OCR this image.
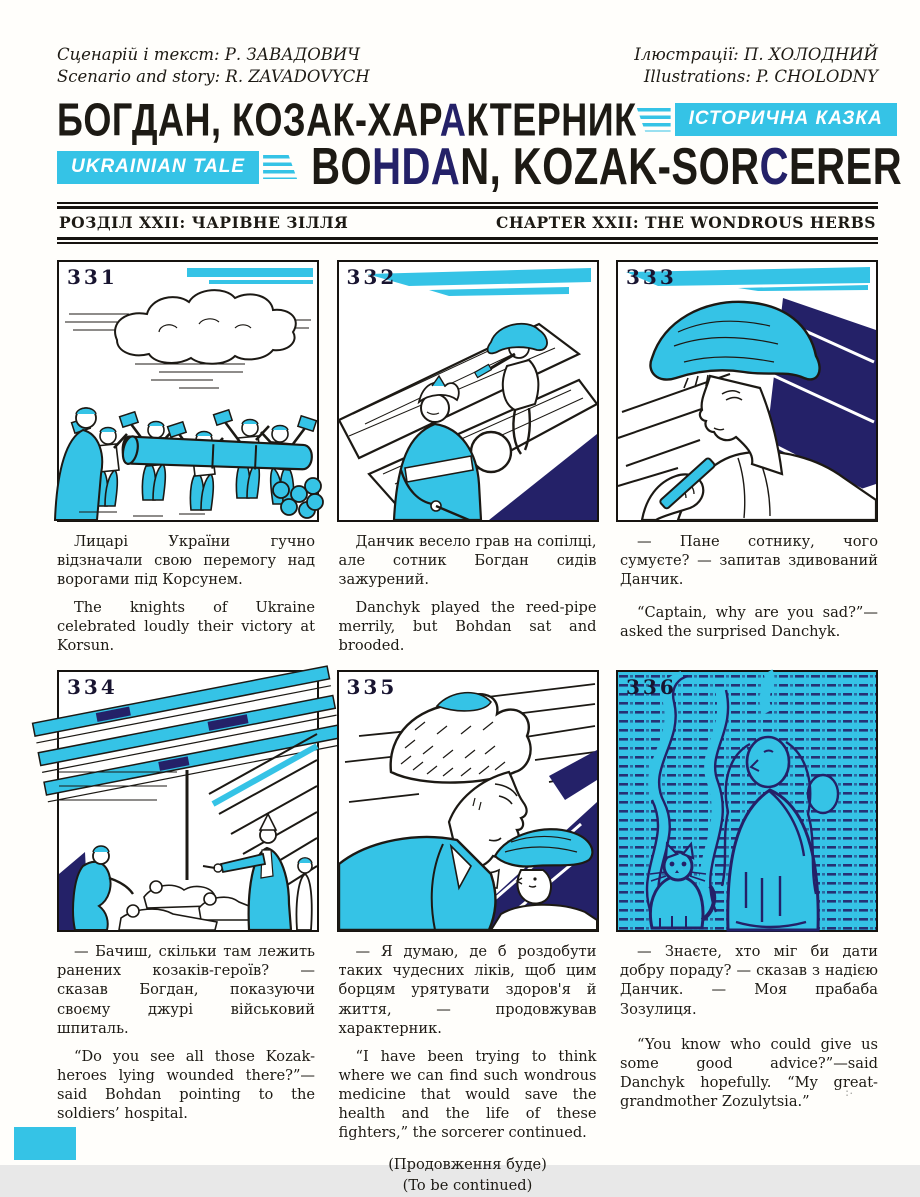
Сценарій і текст: Р. ЗАВАДОВИЧ
Scenario and story: R. ZAVADOVYCH
Ілюстрації: П. ХОЛОДНИЙ
Illustrations: P. CHOLODNY
БОГДАН, КОЗАК-ХАРАКТЕРНИК	ІСТОРИЧНА КАЗКА
UKRAINIAN TALE	BOHDAN, KOZAK-SORCERER
РОЗДІЛ XXII: ЧАРІВНЕ ЗІЛЛЯ	CHAPTER XXII: THE WONDROUS HERBS
331	332	333

Лицарі України гучно відзначали свою перемогу над ворогами під Корсунем.

The knights of Ukraine celebrated loudly their victory at Korsun.

Данчик весело грав на сопілці, але сотник Богдан сидів зажурений.

Danchyk played the reed-pipe merrily, but Bohdan sat and brooded.

— Пане сотнику, чого сумуєте? — запитав здивований Данчик.

“Captain, why are you sad?”— asked the surprised Danchyk.

334	335	336

— Бачиш, скільки там лежить ранених козаків-героїв? — сказав Богдан, показуючи своєму джурі військовий шпиталь.

“Do you see all those Kozak-heroes lying wounded there?”—said Bohdan pointing to the soldiers’ hospital.

— Я думаю, де б роздобути таких чудесних ліків, щоб цим борцям урятувати здоров'я й життя, — продовжував характерник.

“I have been trying to think where we can find such wondrous medicine that would save the health and the life of these fighters,” the sorcerer continued.

(Продовження буде)
(To be continued)

— Знаєте, хто міг би дати добру пораду? — сказав з надією Данчик. — Моя прабаба Зозулиця.

“You know who could give us some good advice?”—said Danchyk hopefully. “My great-grandmother Zozulytsia.”	∶·
